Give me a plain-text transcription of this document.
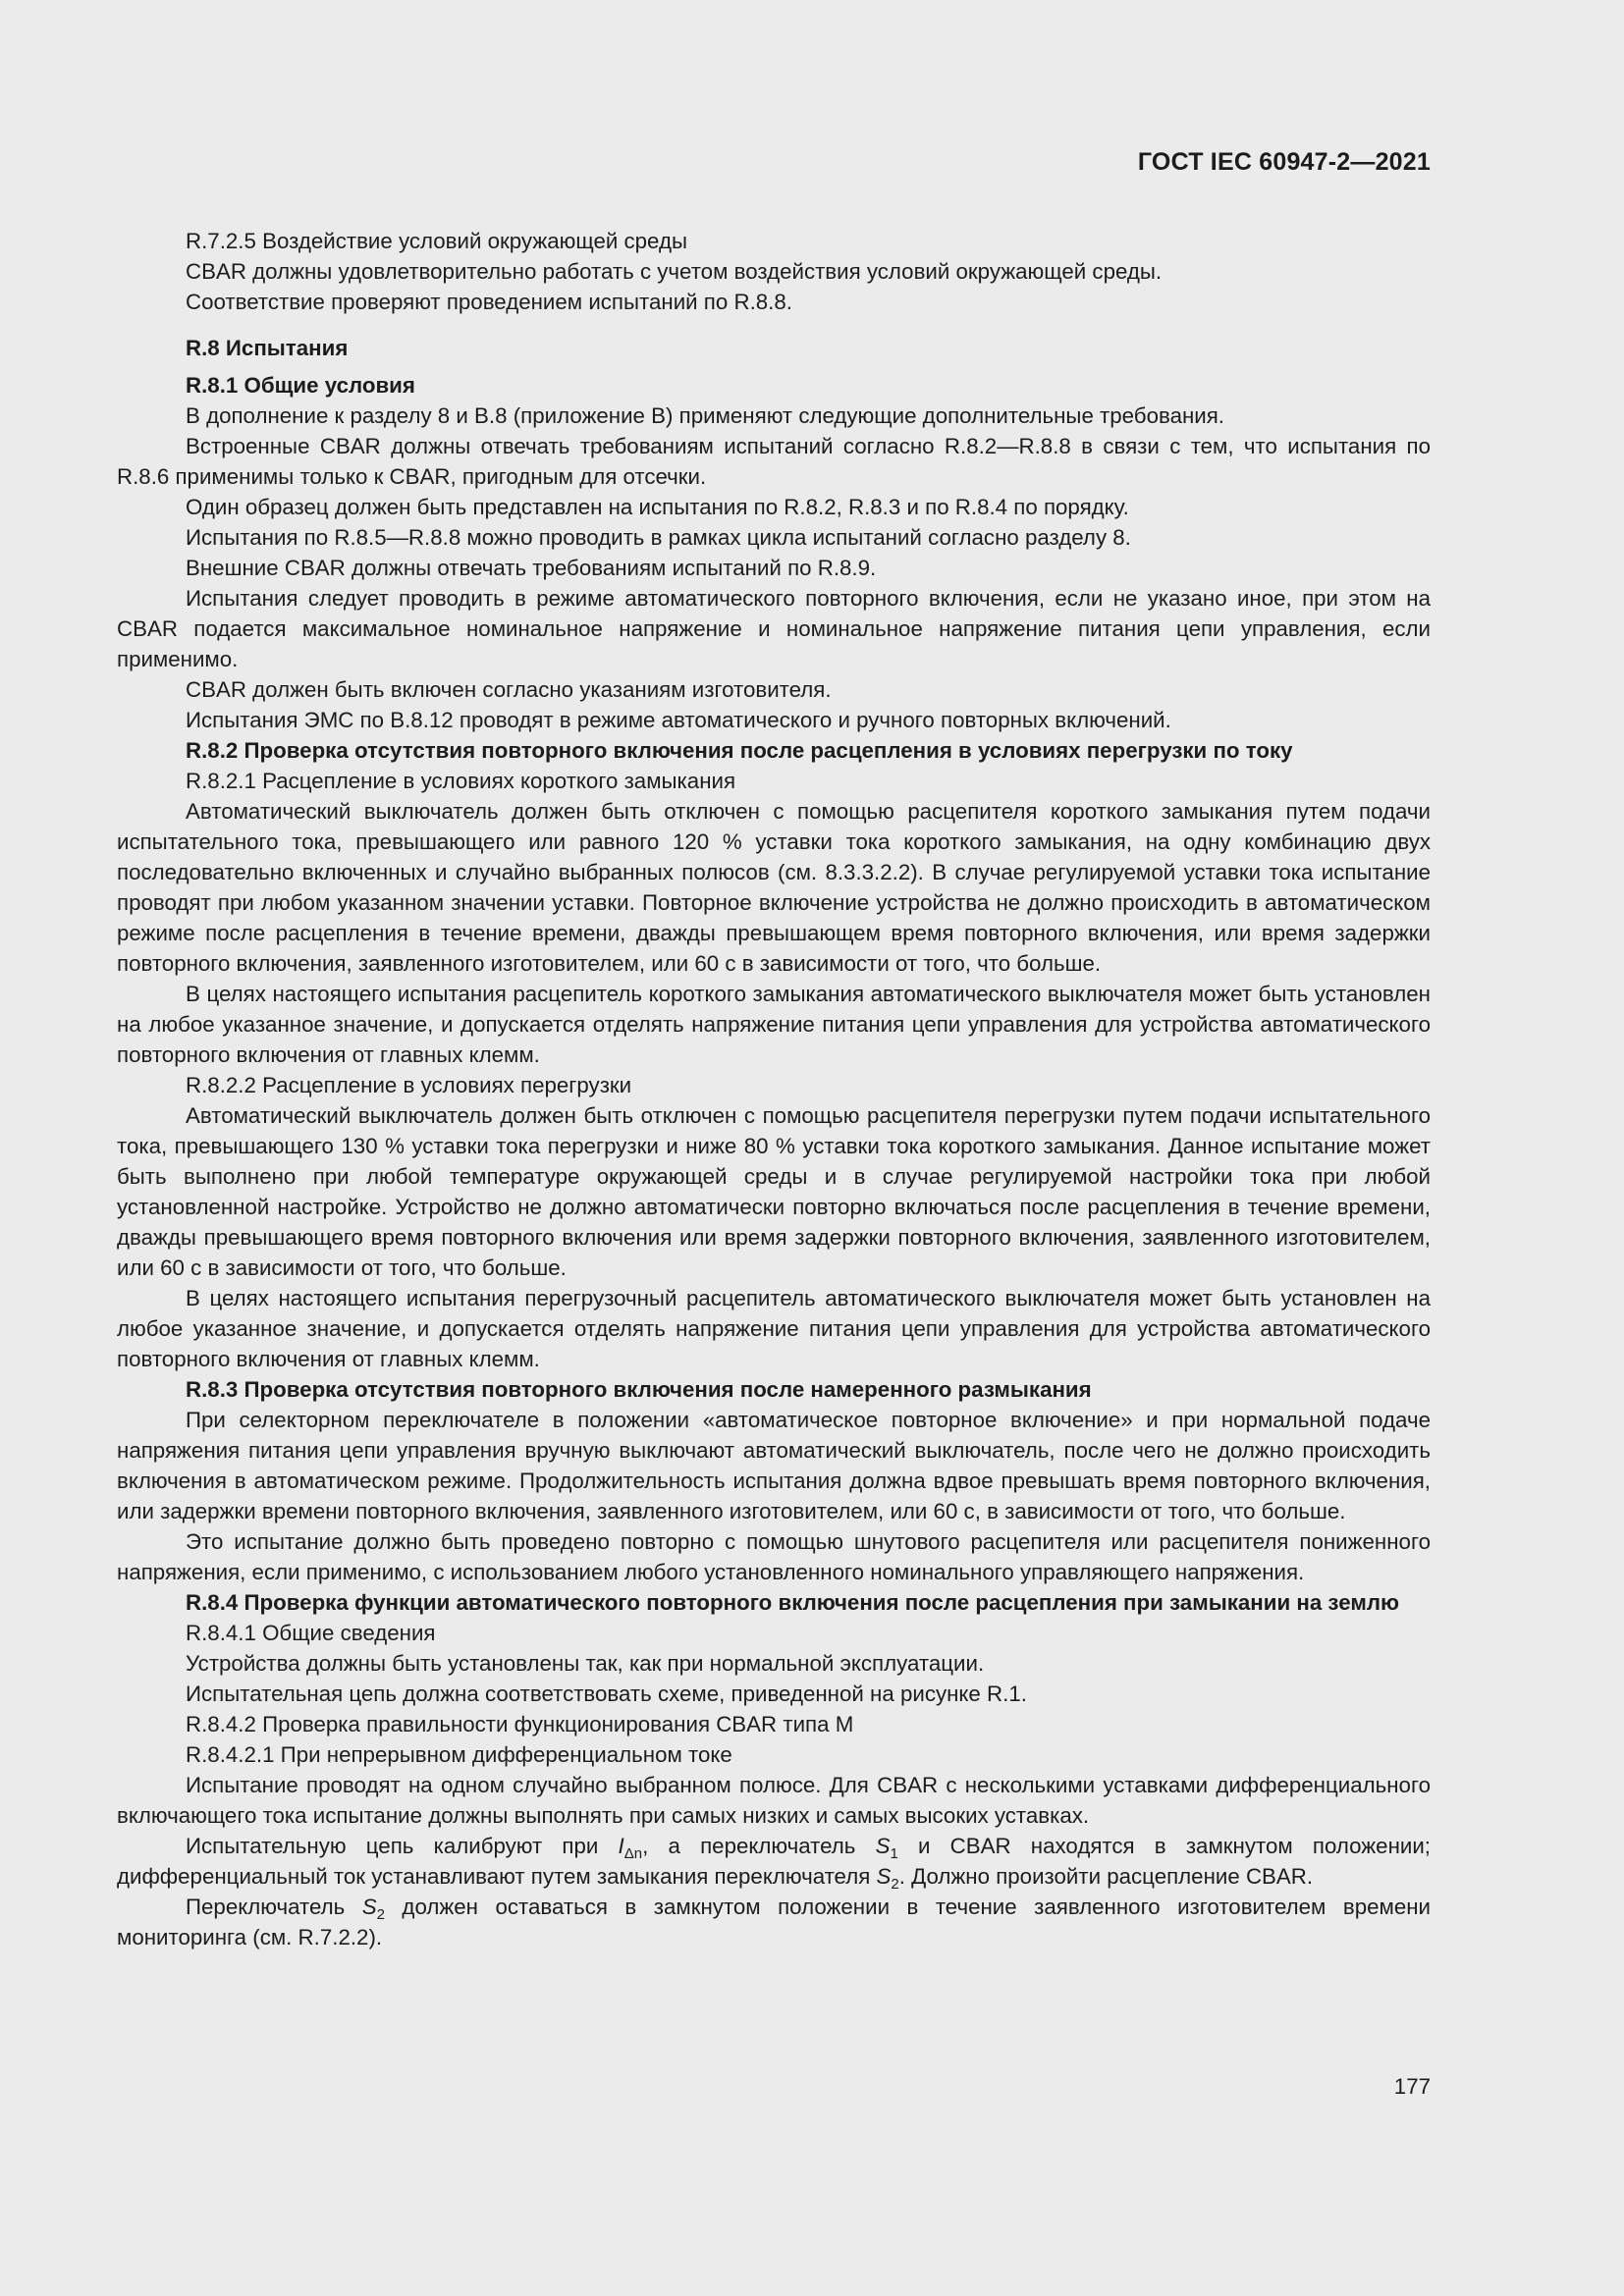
ГОСТ IEC 60947-2—2021

R.7.2.5 Воздействие условий окружающей среды

CBAR должны удовлетворительно работать с учетом воздействия условий окружающей среды.

Соответствие проверяют проведением испытаний по R.8.8.

R.8 Испытания

R.8.1 Общие условия

В дополнение к разделу 8 и В.8 (приложение В) применяют следующие дополнительные требования.

Встроенные CBAR должны отвечать требованиям испытаний согласно R.8.2—R.8.8 в связи с тем, что испытания по R.8.6 применимы только к CBAR, пригодным для отсечки.

Один образец должен быть представлен на испытания по R.8.2, R.8.3 и по R.8.4 по порядку.

Испытания по R.8.5—R.8.8 можно проводить в рамках цикла испытаний согласно разделу 8.

Внешние CBAR должны отвечать требованиям испытаний по R.8.9.

Испытания следует проводить в режиме автоматического повторного включения, если не указано иное, при этом на CBAR подается максимальное номинальное напряжение и номинальное напряжение питания цепи управления, если применимо.

CBAR должен быть включен согласно указаниям изготовителя.

Испытания ЭМС по В.8.12 проводят в режиме автоматического и ручного повторных включений.

R.8.2 Проверка отсутствия повторного включения после расцепления в условиях перегрузки по току

R.8.2.1 Расцепление в условиях короткого замыкания

Автоматический выключатель должен быть отключен с помощью расцепителя короткого замыкания путем подачи испытательного тока, превышающего или равного 120 % уставки тока короткого замыкания, на одну комбинацию двух последовательно включенных и случайно выбранных полюсов (см. 8.3.3.2.2). В случае регулируемой уставки тока испытание проводят при любом указанном значении уставки. Повторное включение устройства не должно происходить в автоматическом режиме после расцепления в течение времени, дважды превышающем время повторного включения, или время задержки повторного включения, заявленного изготовителем, или 60 с в зависимости от того, что больше.

В целях настоящего испытания расцепитель короткого замыкания автоматического выключателя может быть установлен на любое указанное значение, и допускается отделять напряжение питания цепи управления для устройства автоматического повторного включения от главных клемм.

R.8.2.2 Расцепление в условиях перегрузки

Автоматический выключатель должен быть отключен с помощью расцепителя перегрузки путем подачи испытательного тока, превышающего 130 % уставки тока перегрузки и ниже 80 % уставки тока короткого замыкания. Данное испытание может быть выполнено при любой температуре окружающей среды и в случае регулируемой настройки тока при любой установленной настройке. Устройство не должно автоматически повторно включаться после расцепления в течение времени, дважды превышающего время повторного включения или время задержки повторного включения, заявленного изготовителем, или 60 с в зависимости от того, что больше.

В целях настоящего испытания перегрузочный расцепитель автоматического выключателя может быть установлен на любое указанное значение, и допускается отделять напряжение питания цепи управления для устройства автоматического повторного включения от главных клемм.

R.8.3 Проверка отсутствия повторного включения после намеренного размыкания

При селекторном переключателе в положении «автоматическое повторное включение» и при нормальной подаче напряжения питания цепи управления вручную выключают автоматический выключатель, после чего не должно происходить включения в автоматическом режиме. Продолжительность испытания должна вдвое превышать время повторного включения, или задержки времени повторного включения, заявленного изготовителем, или 60 с, в зависимости от того, что больше.

Это испытание должно быть проведено повторно с помощью шнутового расцепителя или расцепителя пониженного напряжения, если применимо, с использованием любого установленного номинального управляющего напряжения.

R.8.4 Проверка функции автоматического повторного включения после расцепления при замыкании на землю

R.8.4.1 Общие сведения

Устройства должны быть установлены так, как при нормальной эксплуатации.

Испытательная цепь должна соответствовать схеме, приведенной на рисунке R.1.

R.8.4.2 Проверка правильности функционирования CBAR типа М

R.8.4.2.1 При непрерывном дифференциальном токе

Испытание проводят на одном случайно выбранном полюсе. Для CBAR с несколькими уставками дифференциального включающего тока испытание должны выполнять при самых низких и самых высоких уставках.

Испытательную цепь калибруют при $I_{\Delta n}$, а переключатель $S_1$ и CBAR находятся в замкнутом положении; дифференциальный ток устанавливают путем замыкания переключателя $S_2$. Должно произойти расцепление CBAR.

Переключатель $S_2$ должен оставаться в замкнутом положении в течение заявленного изготовителем времени мониторинга (см. R.7.2.2).

177
